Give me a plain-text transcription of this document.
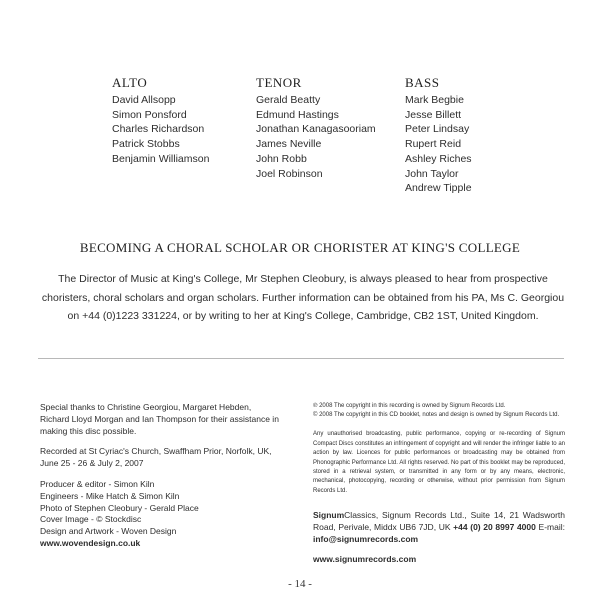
ALTO
David Allsopp
Simon Ponsford
Charles Richardson
Patrick Stobbs
Benjamin Williamson
TENOR
Gerald Beatty
Edmund Hastings
Jonathan Kanagasooriam
James Neville
John Robb
Joel Robinson
BASS
Mark Begbie
Jesse Billett
Peter Lindsay
Rupert Reid
Ashley Riches
John Taylor
Andrew Tipple
BECOMING A CHORAL SCHOLAR OR CHORISTER AT KING'S COLLEGE
The Director of Music at King's College, Mr Stephen Cleobury, is always pleased to hear from prospective choristers, choral scholars and organ scholars. Further information can be obtained from his PA, Ms C. Georgiou on +44 (0)1223 331224, or by writing to her at King's College, Cambridge, CB2 1ST, United Kingdom.

Special thanks to Christine Georgiou, Margaret Hebden, Richard Lloyd Morgan and Ian Thompson for their assistance in making this disc possible.

Recorded at St Cyriac's Church, Swaffham Prior, Norfolk, UK, June 25 - 26 & July 2, 2007

Producer & editor - Simon Kiln

Engineers - Mike Hatch & Simon Kiln

Photo of Stephen Cleobury - Gerald Place

Cover Image - © Stockdisc

Design and Artwork - Woven Design  www.wovendesign.co.uk

℗ 2008 The copyright in this recording is owned by Signum Records Ltd.

© 2008 The copyright in this CD booklet, notes and design is owned by Signum Records Ltd.

Any unauthorised broadcasting, public performance, copying or re-recording of Signum Compact Discs constitutes an infringement of copyright and will render the infringer liable to an action by law. Licences for public performances or broadcasting may be obtained from Phonographic Performance Ltd. All rights reserved. No part of this booklet may be reproduced, stored in a retrieval system, or transmitted in any form or by any means, electronic, mechanical, photocopying, recording or otherwise, without prior permission from Signum Records Ltd.
SignumClassics, Signum Records Ltd., Suite 14, 21 Wadsworth Road, Perivale, Middx UB6 7JD, UK +44 (0) 20 8997 4000 E-mail: info@signumrecords.com
www.signumrecords.com
- 14 -
